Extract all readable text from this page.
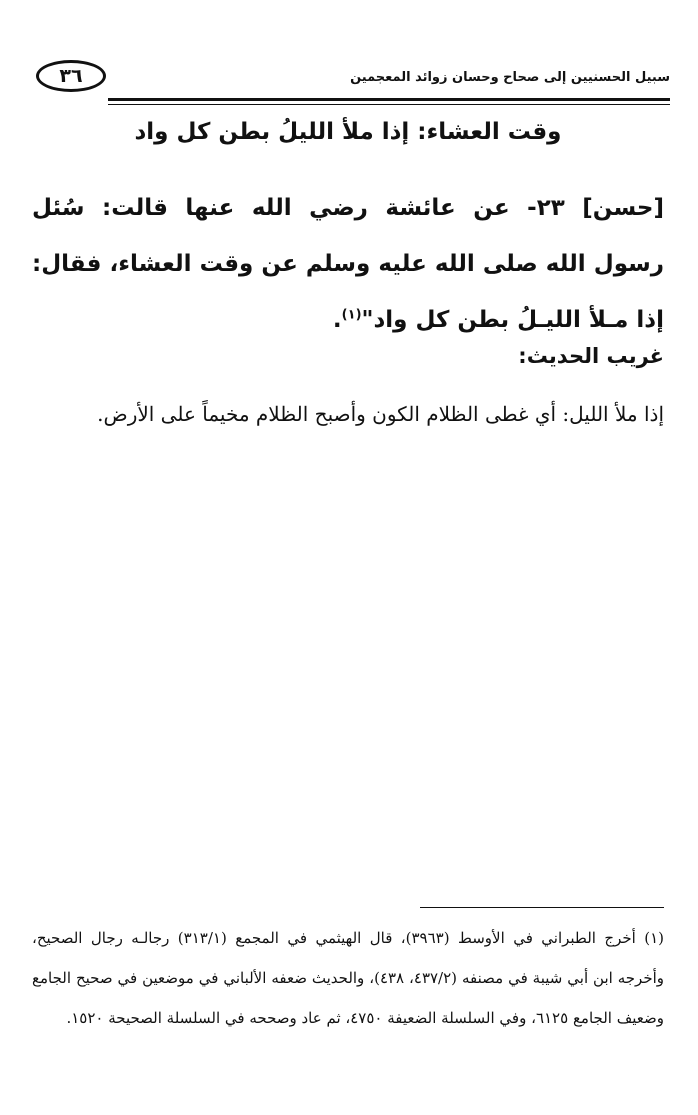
٣٦	سبيل الحسنيين إلى صحاح وحسان زوائد المعجمين
وقت العشاء: إذا ملأ الليلُ بطن كل واد
[حسن] ٢٣- عن عائشة رضي الله عنها قالت: سُئل رسول الله صلى الله عليه وسلم عن وقت العشاء، فقال: إذا مـلأ الليـلُ بطن كل واد"$^{(١)}$.
غريب الحديث:
إذا ملأ الليل: أي غطى الظلام الكون وأصبح الظلام مخيماً على الأرض.
(١) أخرج الطبراني في الأوسط (٣٩٦٣)، قال الهيثمي في المجمع (٣١٣/١) رجالـه رجال الصحيح، وأخرجه ابن أبي شيبة في مصنفه (٤٣٧/٢، ٤٣٨)، والحديث ضعفه الألباني في موضعين في صحيح الجامع وضعيف الجامع ٦١٢٥، وفي السلسلة الضعيفة ٤٧٥٠، ثم عاد وصححه في السلسلة الصحيحة ١٥٢٠.
